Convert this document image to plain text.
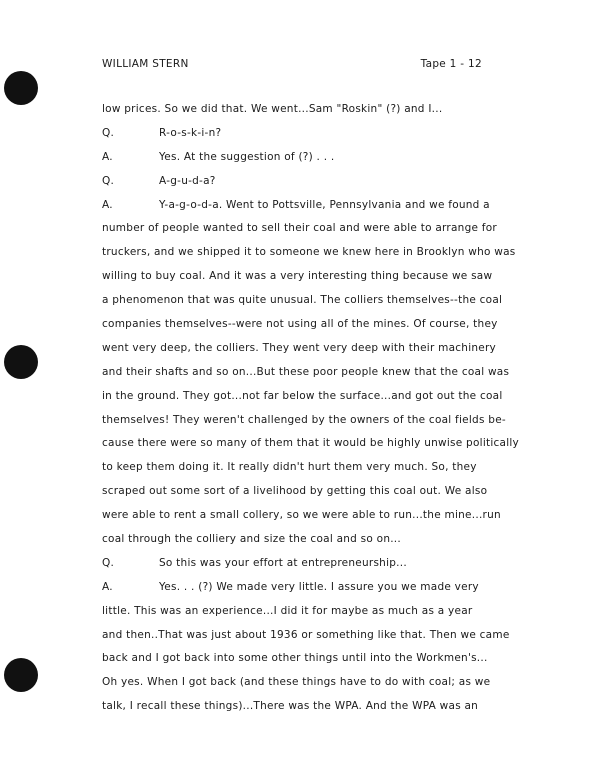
WILLIAM STERN	Tape 1 - 12
low prices. So we did that. We went...Sam "Roskin" (?) and I...
Q.	R-o-s-k-i-n?
A.	Yes. At the suggestion of (?) . . .
Q.	A-g-u-d-a?
A.	Y-a-g-o-d-a. Went to Pottsville, Pennsylvania and we found a
number of people wanted to sell their coal and were able to arrange for
truckers, and we shipped it to someone we knew here in Brooklyn who was
willing to buy coal. And it was a very interesting thing because we saw
a phenomenon that was quite unusual. The colliers themselves--the coal
companies themselves--were not using all of the mines. Of course, they
went very deep, the colliers. They went very deep with their machinery
and their shafts and so on...But these poor people knew that the coal was
in the ground. They got...not far below the surface...and got out the coal
themselves! They weren't challenged by the owners of the coal fields be-
cause there were so many of them that it would be highly unwise politically
to keep them doing it. It really didn't hurt them very much. So, they
scraped out some sort of a livelihood by getting this coal out. We also
were able to rent a small collery, so we were able to run...the mine...run
coal through the colliery and size the coal and so on...
Q.	So this was your effort at entrepreneurship...
A.	Yes. . . (?) We made very little. I assure you we made very
little. This was an experience...I did it for maybe as much as a year
and then..That was just about 1936 or something like that. Then we came
back and I got back into some other things until into the Workmen's...
Oh yes. When I got back (and these things have to do with coal; as we
talk, I recall these things)...There was the WPA. And the WPA was an
